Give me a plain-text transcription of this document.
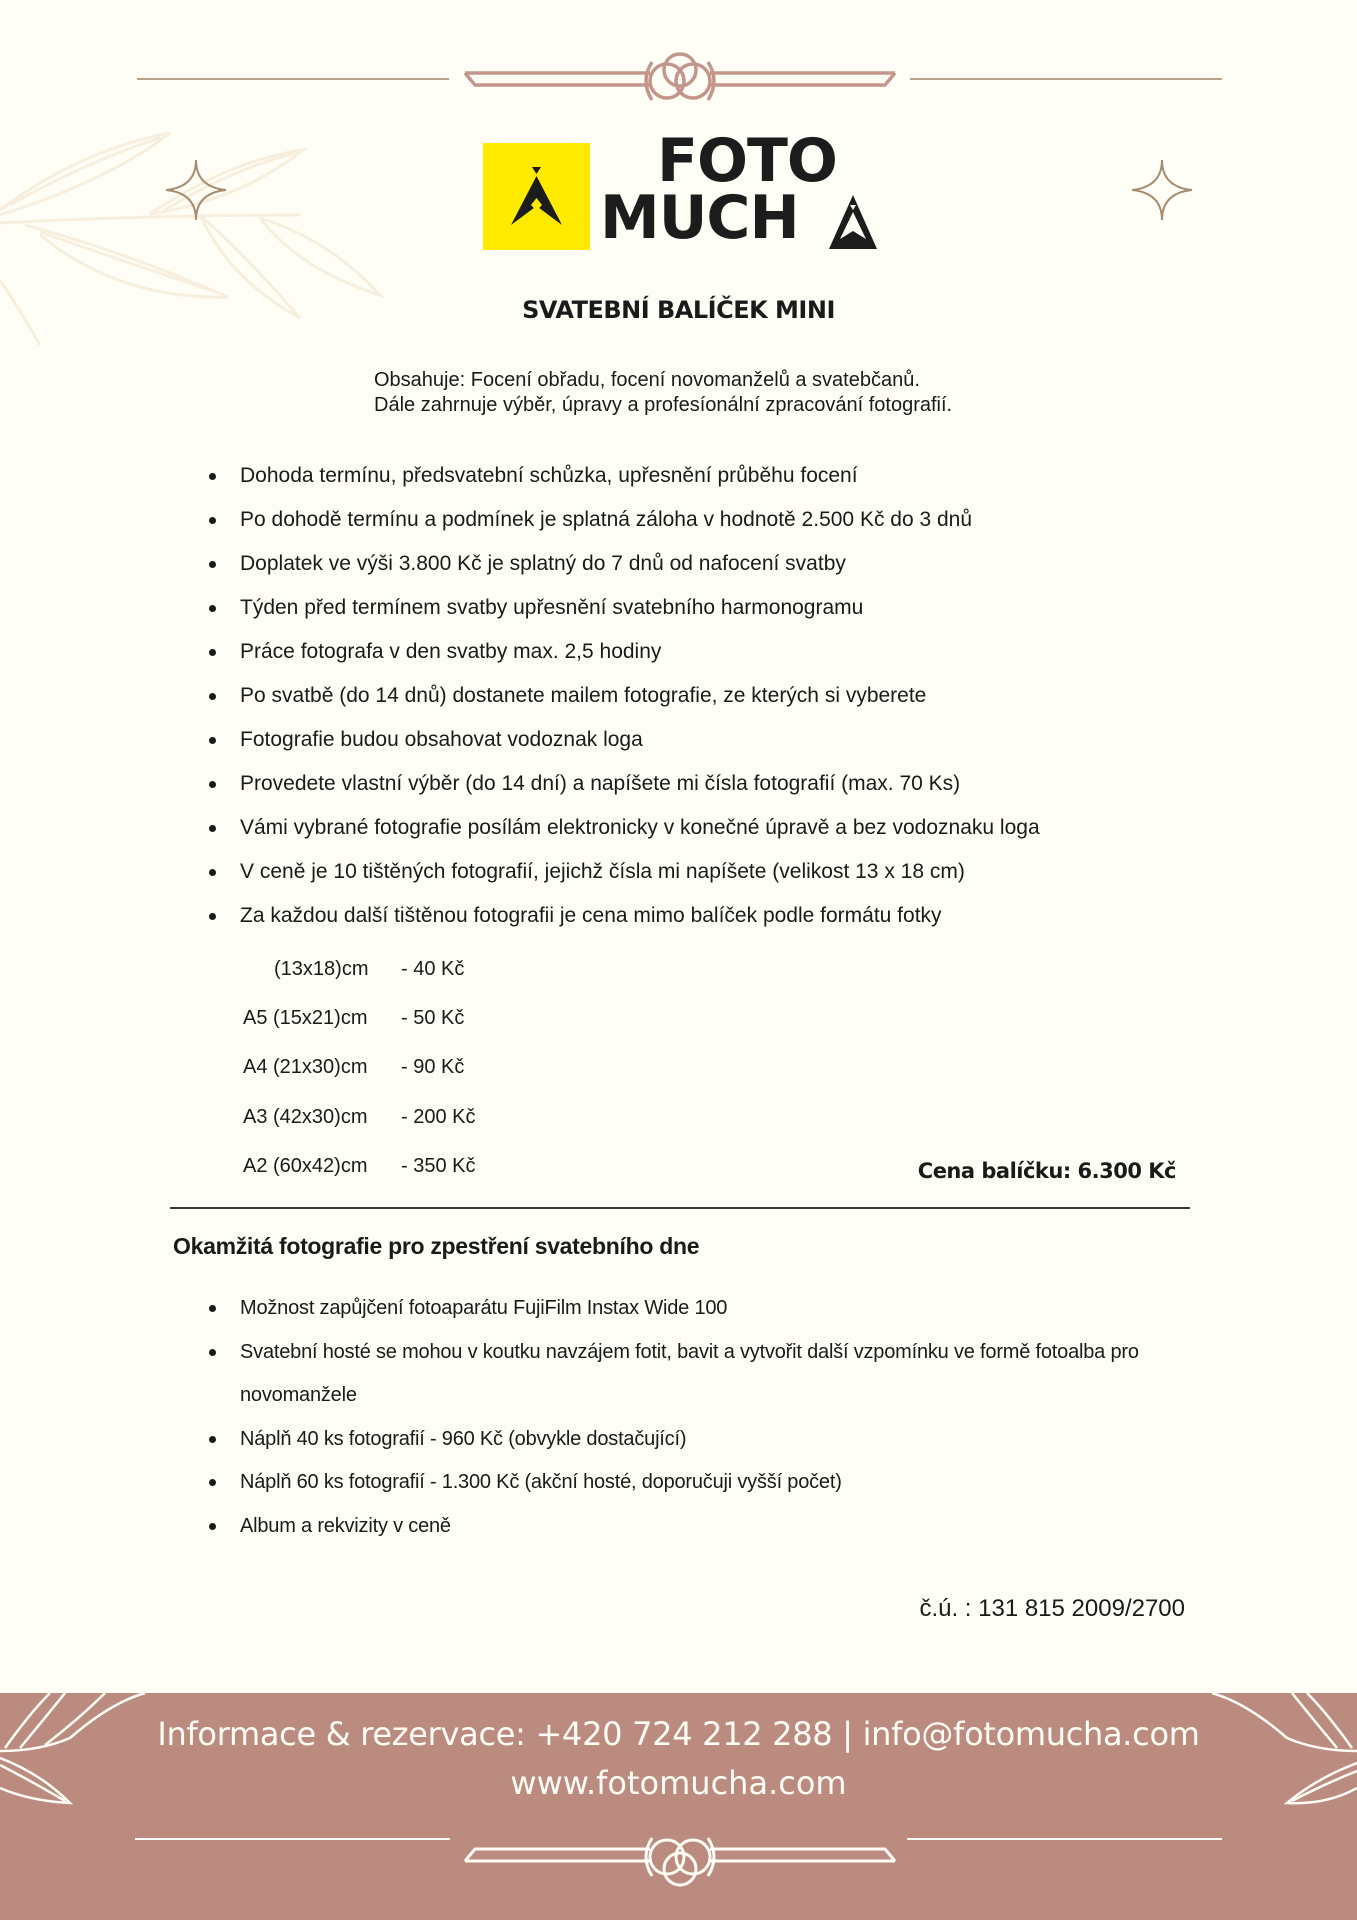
FOTO
MUCH
SVATEBNÍ BALÍČEK MINI
Obsahuje: Focení obřadu, focení novomanželů a svatebčanů.
Dále zahrnuje výběr, úpravy a profesíonální zpracování fotografií.
Dohoda termínu, předsvatební schůzka, upřesnění průběhu focení
Po dohodě termínu a podmínek je splatná záloha v hodnotě 2.500 Kč do 3 dnů
Doplatek ve výši 3.800 Kč je splatný do 7 dnů od nafocení svatby
Týden před termínem svatby upřesnění svatebního harmonogramu
Práce fotografa v den svatby max. 2,5 hodiny
Po svatbě (do 14 dnů) dostanete mailem fotografie, ze kterých si vyberete
Fotografie budou obsahovat vodoznak loga
Provedete vlastní výběr (do 14 dní) a napíšete mi čísla fotografií (max. 70 Ks)
Vámi vybrané fotografie posílám elektronicky v konečné úpravě a bez vodoznaku loga
V ceně je 10 tištěných fotografií, jejichž čísla mi napíšete (velikost 13 x 18 cm)
Za každou další tištěnou fotografii je cena mimo balíček podle formátu fotky
(13x18)cm	- 40 Kč
A5 (15x21)cm	- 50 Kč
A4 (21x30)cm	- 90 Kč
A3 (42x30)cm	- 200 Kč
A2 (60x42)cm	- 350 Kč	Cena balíčku: 6.300 Kč
Okamžitá fotografie pro zpestření svatebního dne
Možnost zapůjčení fotoaparátu FujiFilm Instax Wide 100
Svatební hosté se mohou v koutku navzájem fotit, bavit a vytvořit další vzpomínku ve formě fotoalba pro novomanžele
Náplň 40 ks fotografií - 960 Kč (obvykle dostačující)
Náplň 60 ks fotografií - 1.300 Kč (akční hosté, doporučuji vyšší počet)
Album a rekvizity v ceně
č.ú. : 131 815 2009/2700
Informace & rezervace: +420 724 212 288 | info@fotomucha.com
www.fotomucha.com
